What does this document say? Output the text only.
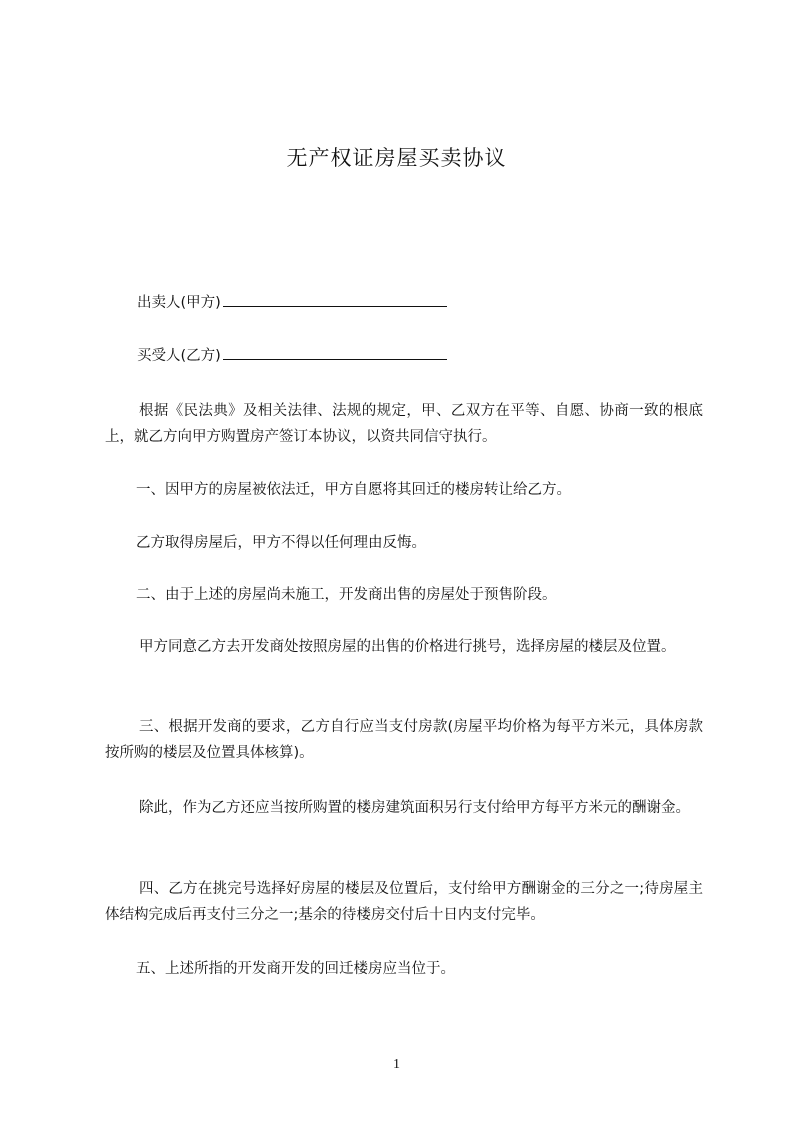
无产权证房屋买卖协议
出卖人(甲方)
买受人(乙方)

根据《民法典》及相关法律、法规的规定，甲、乙双方在平等、自愿、协商一致的根底上，就乙方向甲方购置房产签订本协议，以资共同信守执行。

一、因甲方的房屋被依法迁，甲方自愿将其回迁的楼房转让给乙方。

乙方取得房屋后，甲方不得以任何理由反悔。

二、由于上述的房屋尚未施工，开发商出售的房屋处于预售阶段。

甲方同意乙方去开发商处按照房屋的出售的价格进行挑号，选择房屋的楼层及位置。

三、根据开发商的要求，乙方自行应当支付房款(房屋平均价格为每平方米元，具体房款按所购的楼层及位置具体核算)。

除此，作为乙方还应当按所购置的楼房建筑面积另行支付给甲方每平方米元的酬谢金。

四、乙方在挑完号选择好房屋的楼层及位置后，支付给甲方酬谢金的三分之一;待房屋主体结构完成后再支付三分之一;基余的待楼房交付后十日内支付完毕。

五、上述所指的开发商开发的回迁楼房应当位于。

1
